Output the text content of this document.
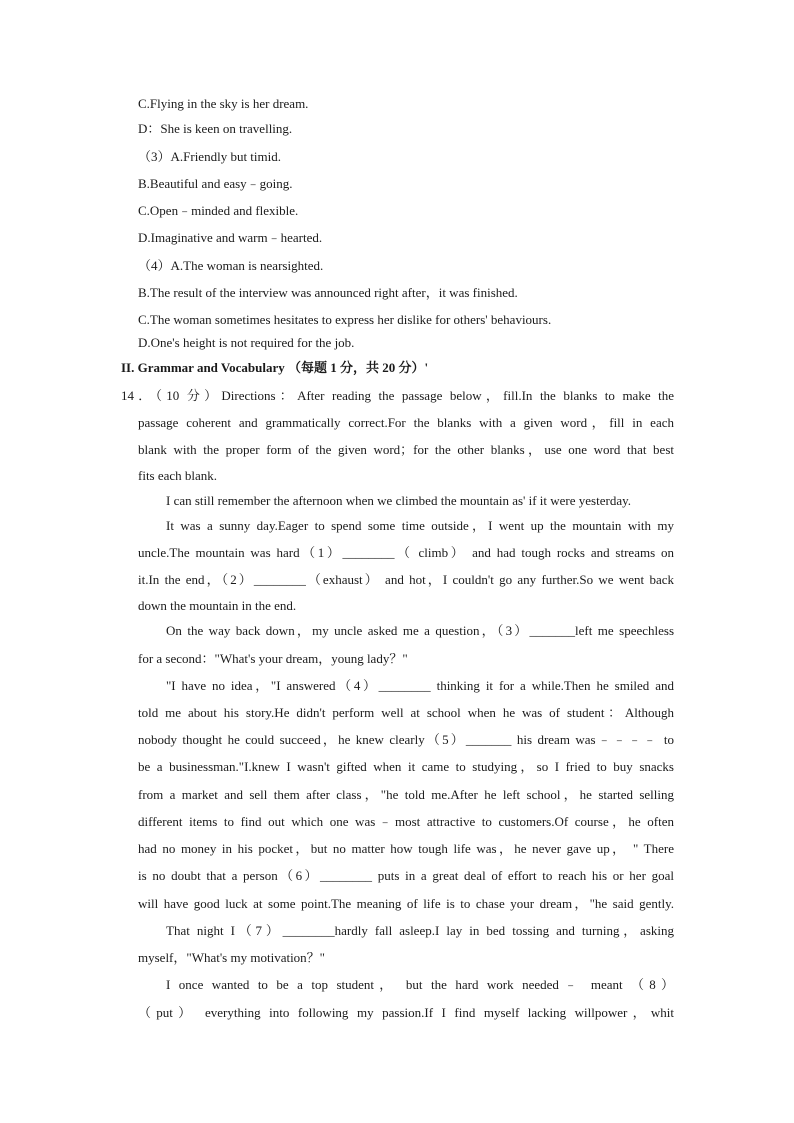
C.Flying in the sky is her dream.
D：She is keen on travelling.
（3）A.Friendly but timid.
B.Beautiful and easy﹣going.
C.Open﹣minded and flexible.
D.Imaginative and warm﹣hearted.
（4）A.The woman is nearsighted.
B.The result of the interview was announced right after，it was finished.
C.The woman sometimes hesitates to express her dislike for others' behaviours.
D.One's height is not required for the job.
II. Grammar and Vocabulary （每题 1 分，共 20 分）'
14．（10 分）Directions：After reading the passage below，fill.In the blanks to make the
passage coherent and grammatically correct.For the blanks with a given word，fill in each
blank with the proper form of the given word；for the other blanks，use one word that best
fits each blank.
I can still remember the afternoon when we climbed the mountain as' if it were yesterday.
It was a sunny day.Eager to spend some time outside，I went up the mountain with my
uncle.The mountain was hard（1）________（ climb） and had tough rocks and streams on
it.In the end，（2）________（exhaust） and hot，I couldn't go any further.So we went back
down the mountain in the end.
On the way back down，my uncle asked me a question，（3）_______left me speechless
for a second："What's your dream，young lady？"
"I have no idea，"I answered（4）________ thinking it for a while.Then he smiled and
told me about his story.He didn't perform well at school when he was of student：Although
nobody thought he could succeed，he knew clearly（5）_______ his dream was﹣﹣﹣﹣ to
be a businessman."I.knew I wasn't gifted when it came to studying，so I fried to buy snacks
from a market and sell them after class，"he told me.After he left school，he started selling
different items to find out which one was﹣most attractive to customers.Of course，he often
had no money in his pocket，but no matter how tough life was，he never gave up， " There
is no doubt that a person（6）________ puts in a great deal of effort to reach his or her goal
will have good luck at some point.The meaning of life is to chase your dream，"he said gently.
That night I（7）________hardly fall asleep.I lay in bed tossing and turning，asking
myself，"What's my motivation？"
I once wanted to be a top student， but the hard work needed﹣ meant （8）
（put） everything into following my passion.If I find myself lacking willpower，whit
